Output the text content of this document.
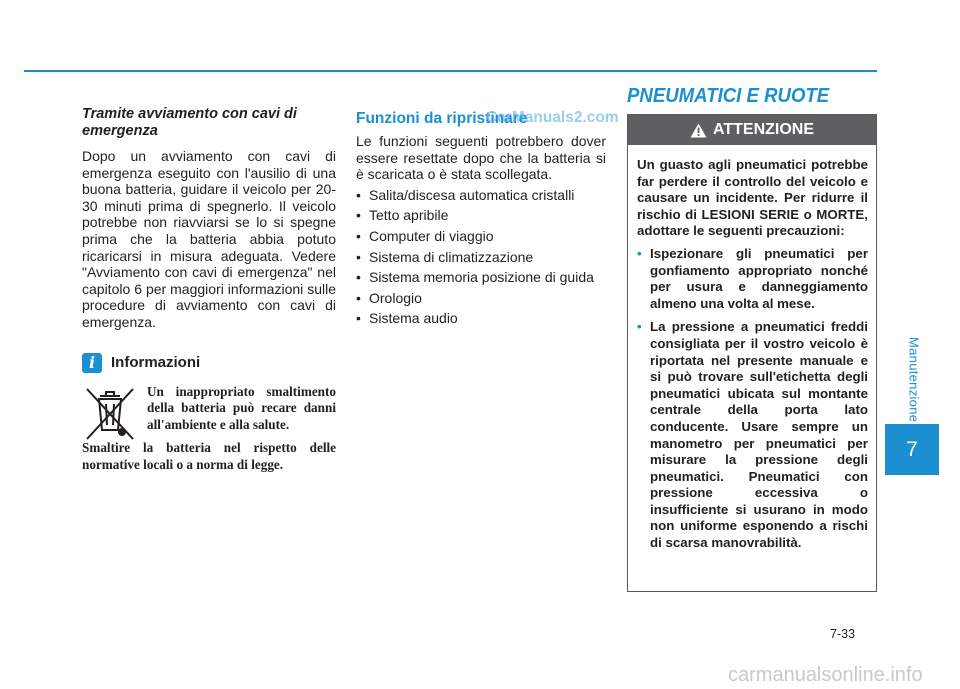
Tramite avviamento con cavi di emergenza

Dopo un avviamento con cavi di emergenza eseguito con l'ausilio di una buona batteria, guidare il veicolo per 20-30 minuti prima di spegnerlo. Il veicolo potrebbe non riavviarsi se lo si spegne prima che la batteria abbia potuto ricaricarsi in misura adeguata. Vedere "Avviamento con cavi di emergenza" nel capitolo 6 per maggiori informazioni sulle procedure di avviamento con cavi di emergenza.

i	Informazioni
Un inappropriato smaltimento della batteria può recare danni all'ambiente e alla salute.
Smaltire la batteria nel rispetto delle normative locali o a norma di legge.
Funzioni da ripristinare

Le funzioni seguenti potrebbero dover essere resettate dopo che la batteria si è scaricata o è stata scollegata.

• Salita/discesa automatica cristalli
• Tetto apribile
• Computer di viaggio
• Sistema di climatizzazione
• Sistema memoria posizione di guida
• Orologio
• Sistema audio
PNEUMATICI E RUOTE
ATTENZIONE

Un guasto agli pneumatici potrebbe far perdere il controllo del veicolo e causare un incidente. Per ridurre il rischio di LESIONI SERIE o MORTE, adottare le seguenti precauzioni:

• Ispezionare gli pneumatici per gonfiamento appropriato nonché per usura e danneggiamento almeno una volta al mese.
• La pressione a pneumatici freddi consigliata per il vostro veicolo è riportata nel presente manuale e si può trovare sull'etichetta degli pneumatici ubicata sul montante centrale della porta lato conducente. Usare sempre un manometro per pneumatici per misurare la pressione degli pneumatici. Pneumatici con pressione eccessiva o insufficiente si usurano in modo non uniforme esponendo a rischi di scarsa manovrabilità.
Manutenzione
7
7-33
CarManuals2.com
carmanualsonline.info
